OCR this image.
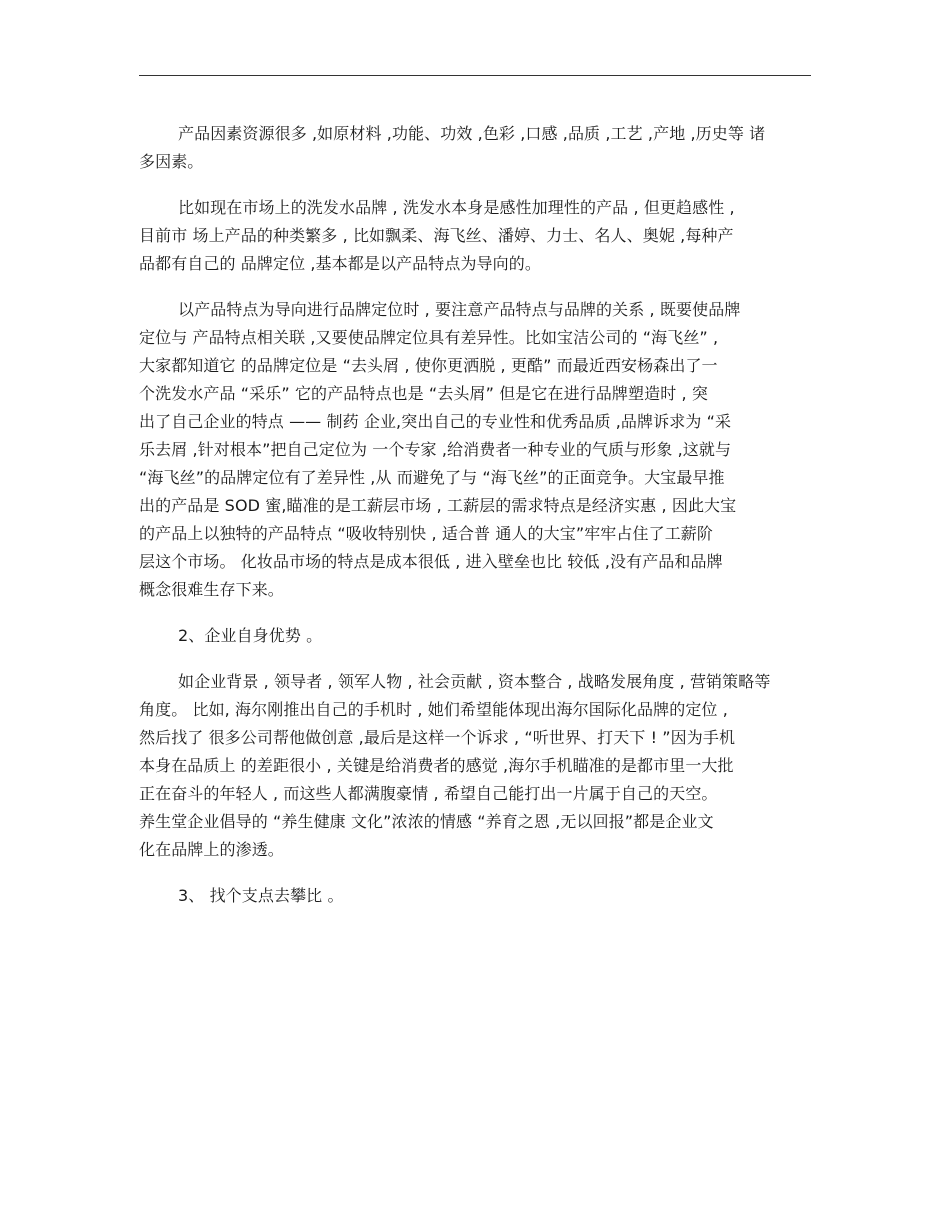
产品因素资源很多 ,如原材料 ,功能、功效 ,色彩 ,口感 ,品质 ,工艺 ,产地 ,历史等 诸
多因素。
比如现在市场上的洗发水品牌 , 洗发水本身是感性加理性的产品 , 但更趋感性 ,
目前市 场上产品的种类繁多 , 比如飘柔、海飞丝、潘婷、力士、名人、奥妮 ,每种产
品都有自己的 品牌定位 ,基本都是以产品特点为导向的。
以产品特点为导向进行品牌定位时 , 要注意产品特点与品牌的关系 , 既要使品牌
定位与 产品特点相关联 ,又要使品牌定位具有差异性。比如宝洁公司的 “海飞丝” ,
大家都知道它 的品牌定位是 “去头屑 , 使你更洒脱 , 更酷” 而最近西安杨森出了一
个洗发水产品 “采乐” 它的产品特点也是 “去头屑” 但是它在进行品牌塑造时 , 突
出了自己企业的特点 —— 制药 企业,突出自己的专业性和优秀品质 ,品牌诉求为 “采
乐去屑 ,针对根本”把自己定位为 一个专家 ,给消费者一种专业的气质与形象 ,这就与
“海飞丝”的品牌定位有了差异性 ,从 而避免了与 “海飞丝”的正面竞争。大宝最早推
出的产品是 SOD 蜜,瞄准的是工薪层市场 , 工薪层的需求特点是经济实惠 , 因此大宝
的产品上以独特的产品特点 “吸收特别快 , 适合普 通人的大宝”牢牢占住了工薪阶
层这个市场。 化妆品市场的特点是成本很低 , 进入壁垒也比 较低 ,没有产品和品牌
概念很难生存下来。
2、企业自身优势 。
如企业背景 , 领导者 , 领军人物 , 社会贡献 , 资本整合 , 战略发展角度 , 营销策略等
角度。 比如, 海尔刚推出自己的手机时 , 她们希望能体现出海尔国际化品牌的定位 ,
然后找了 很多公司帮他做创意 ,最后是这样一个诉求 , “听世界、打天下 ! ”因为手机
本身在品质上 的差距很小 , 关键是给消费者的感觉 ,海尔手机瞄准的是都市里一大批
正在奋斗的年轻人 , 而这些人都满腹豪情 , 希望自己能打出一片属于自己的天空。
养生堂企业倡导的 “养生健康 文化”浓浓的情感 “养育之恩 ,无以回报”都是企业文
化在品牌上的渗透。
3、 找个支点去攀比 。
